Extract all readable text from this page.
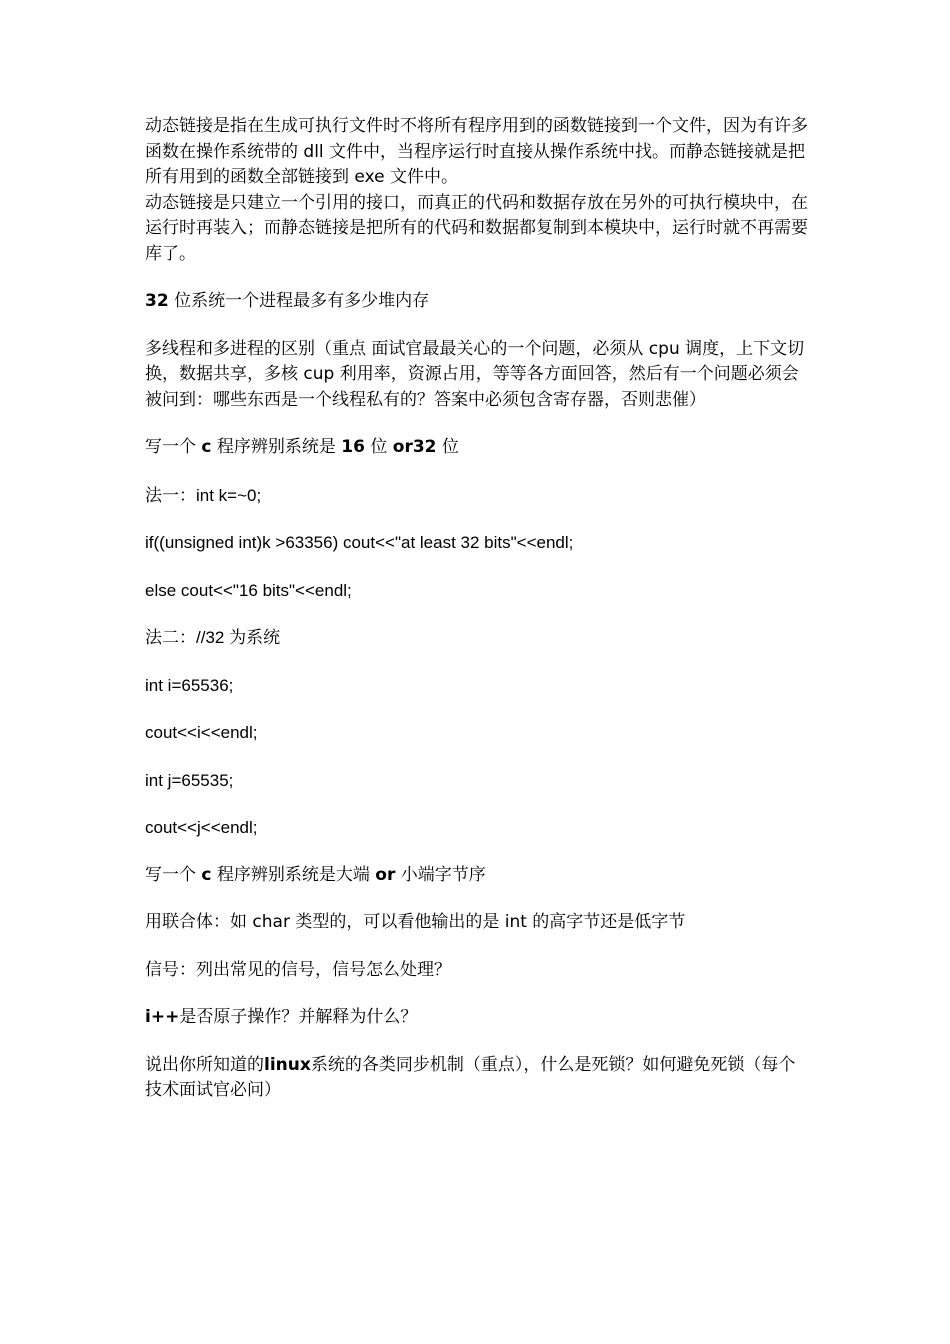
动态链接是指在生成可执行文件时不将所有程序用到的函数链接到一个文件，因为有许多函数在操作系统带的 dll 文件中，当程序运行时直接从操作系统中找。而静态链接就是把所有用到的函数全部链接到 exe 文件中。

动态链接是只建立一个引用的接口，而真正的代码和数据存放在另外的可执行模块中，在运行时再装入；而静态链接是把所有的代码和数据都复制到本模块中，运行时就不再需要库了。

32 位系统一个进程最多有多少堆内存

多线程和多进程的区别（重点 面试官最最关心的一个问题，必须从 cpu 调度，上下文切换，数据共享，多核 cup 利用率，资源占用，等等各方面回答，然后有一个问题必须会被问到：哪些东西是一个线程私有的？答案中必须包含寄存器，否则悲催）

写一个 c 程序辨别系统是 16 位 or32 位

法一：int k=~0;

if((unsigned int)k >63356) cout<<"at least 32 bits"<<endl;

else cout<<"16 bits"<<endl;

法二：//32 为系统

int i=65536;

cout<<i<<endl;

int j=65535;

cout<<j<<endl;

写一个 c 程序辨别系统是大端 or 小端字节序

用联合体：如 char 类型的，可以看他输出的是 int 的高字节还是低字节

信号：列出常见的信号，信号怎么处理？

i++是否原子操作？并解释为什么？

说出你所知道的linux系统的各类同步机制（重点），什么是死锁？如何避免死锁（每个技术面试官必问）
